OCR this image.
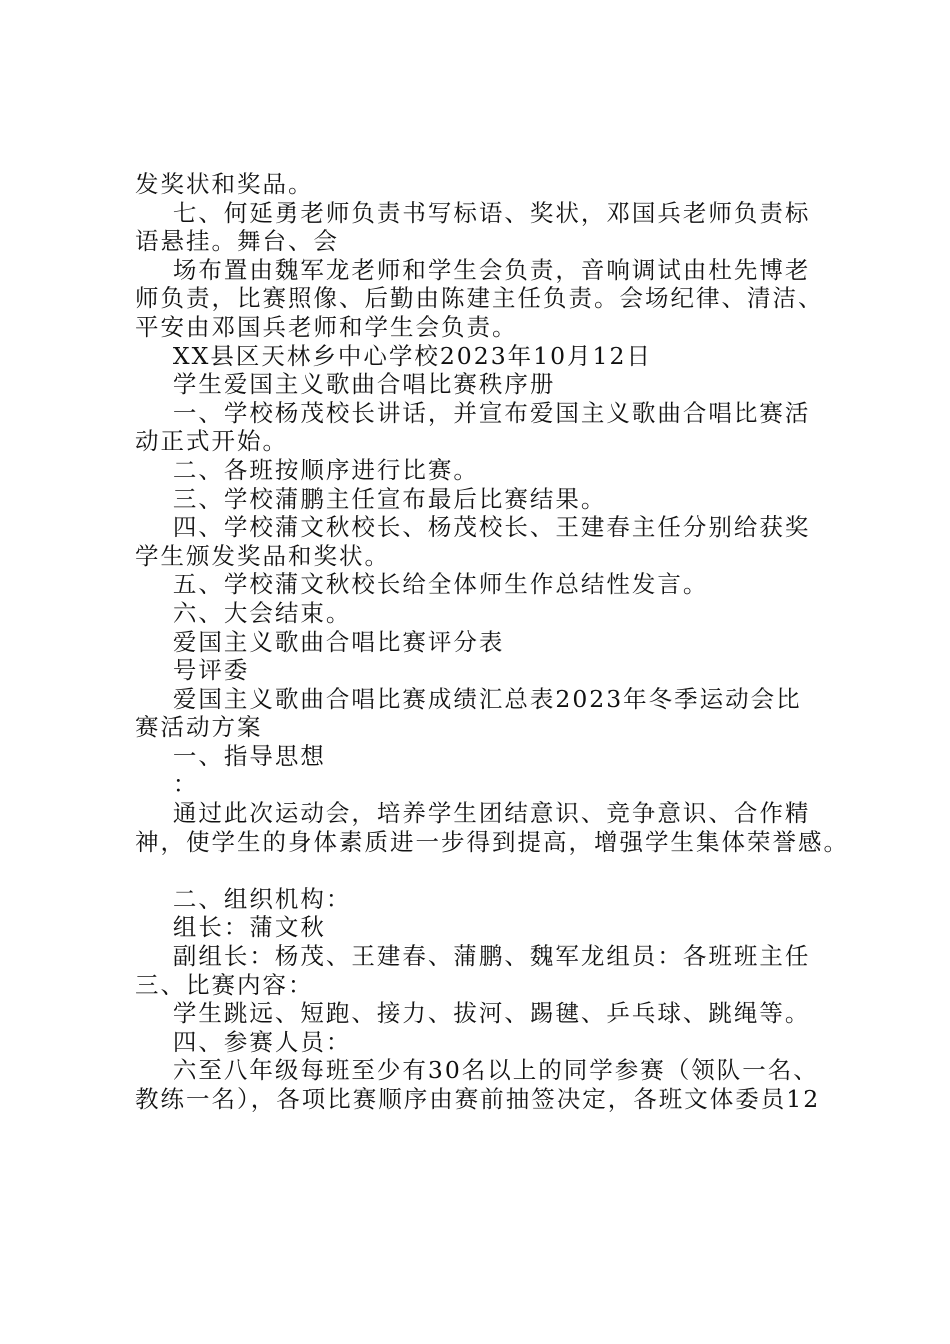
发奖状和奖品。
七、何延勇老师负责书写标语、奖状，邓国兵老师负责标
语悬挂。舞台、会
场布置由魏军龙老师和学生会负责，音响调试由杜先博老
师负责，比赛照像、后勤由陈建主任负责。会场纪律、清洁、
平安由邓国兵老师和学生会负责。
XX县区天林乡中心学校2023年10月12日
学生爱国主义歌曲合唱比赛秩序册
一、学校杨茂校长讲话，并宣布爱国主义歌曲合唱比赛活
动正式开始。
二、各班按顺序进行比赛。
三、学校蒲鹏主任宣布最后比赛结果。
四、学校蒲文秋校长、杨茂校长、王建春主任分别给获奖
学生颁发奖品和奖状。
五、学校蒲文秋校长给全体师生作总结性发言。
六、大会结束。
爱国主义歌曲合唱比赛评分表
号评委
爱国主义歌曲合唱比赛成绩汇总表2023年冬季运动会比
赛活动方案
一、指导思想
：
通过此次运动会，培养学生团结意识、竞争意识、合作精
神，使学生的身体素质进一步得到提高，增强学生集体荣誉感。
二、组织机构：
组长：蒲文秋
副组长：杨茂、王建春、蒲鹏、魏军龙组员：各班班主任
三、比赛内容：
学生跳远、短跑、接力、拔河、踢毽、乒乓球、跳绳等。
四、参赛人员：
六至八年级每班至少有30名以上的同学参赛（领队一名、
教练一名），各项比赛顺序由赛前抽签决定，各班文体委员12
